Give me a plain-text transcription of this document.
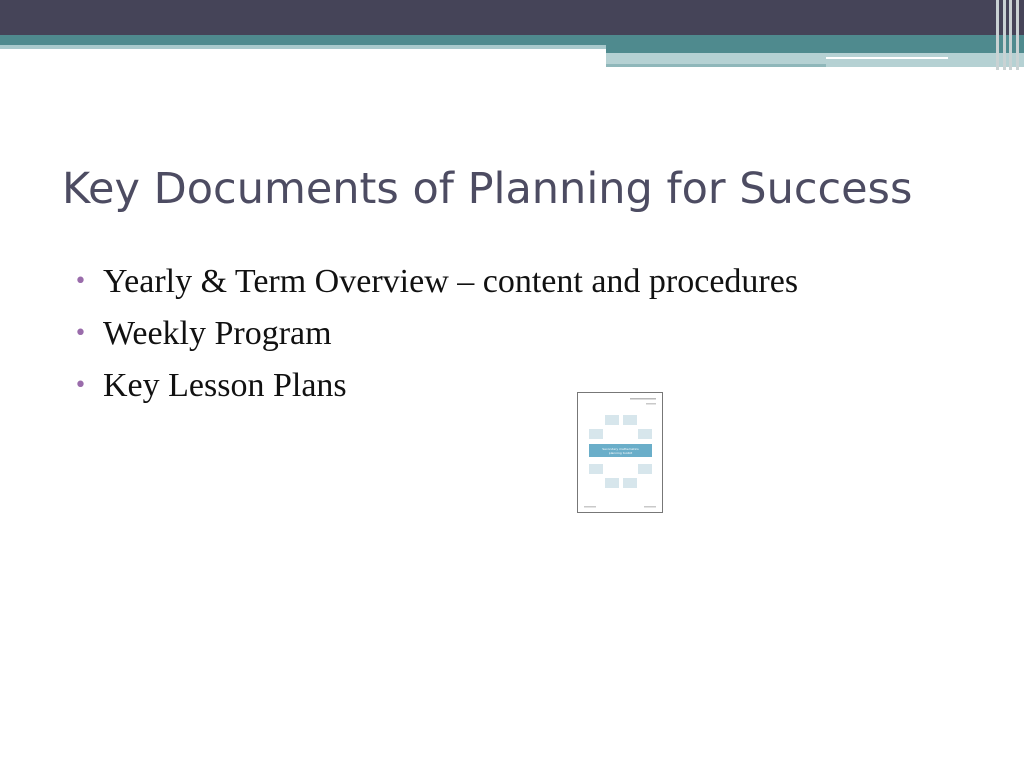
Key Documents of Planning for Success
• Yearly & Term Overview – content and procedures
• Weekly Program
• Key Lesson Plans
Secondary mathematics
planning toolkit
